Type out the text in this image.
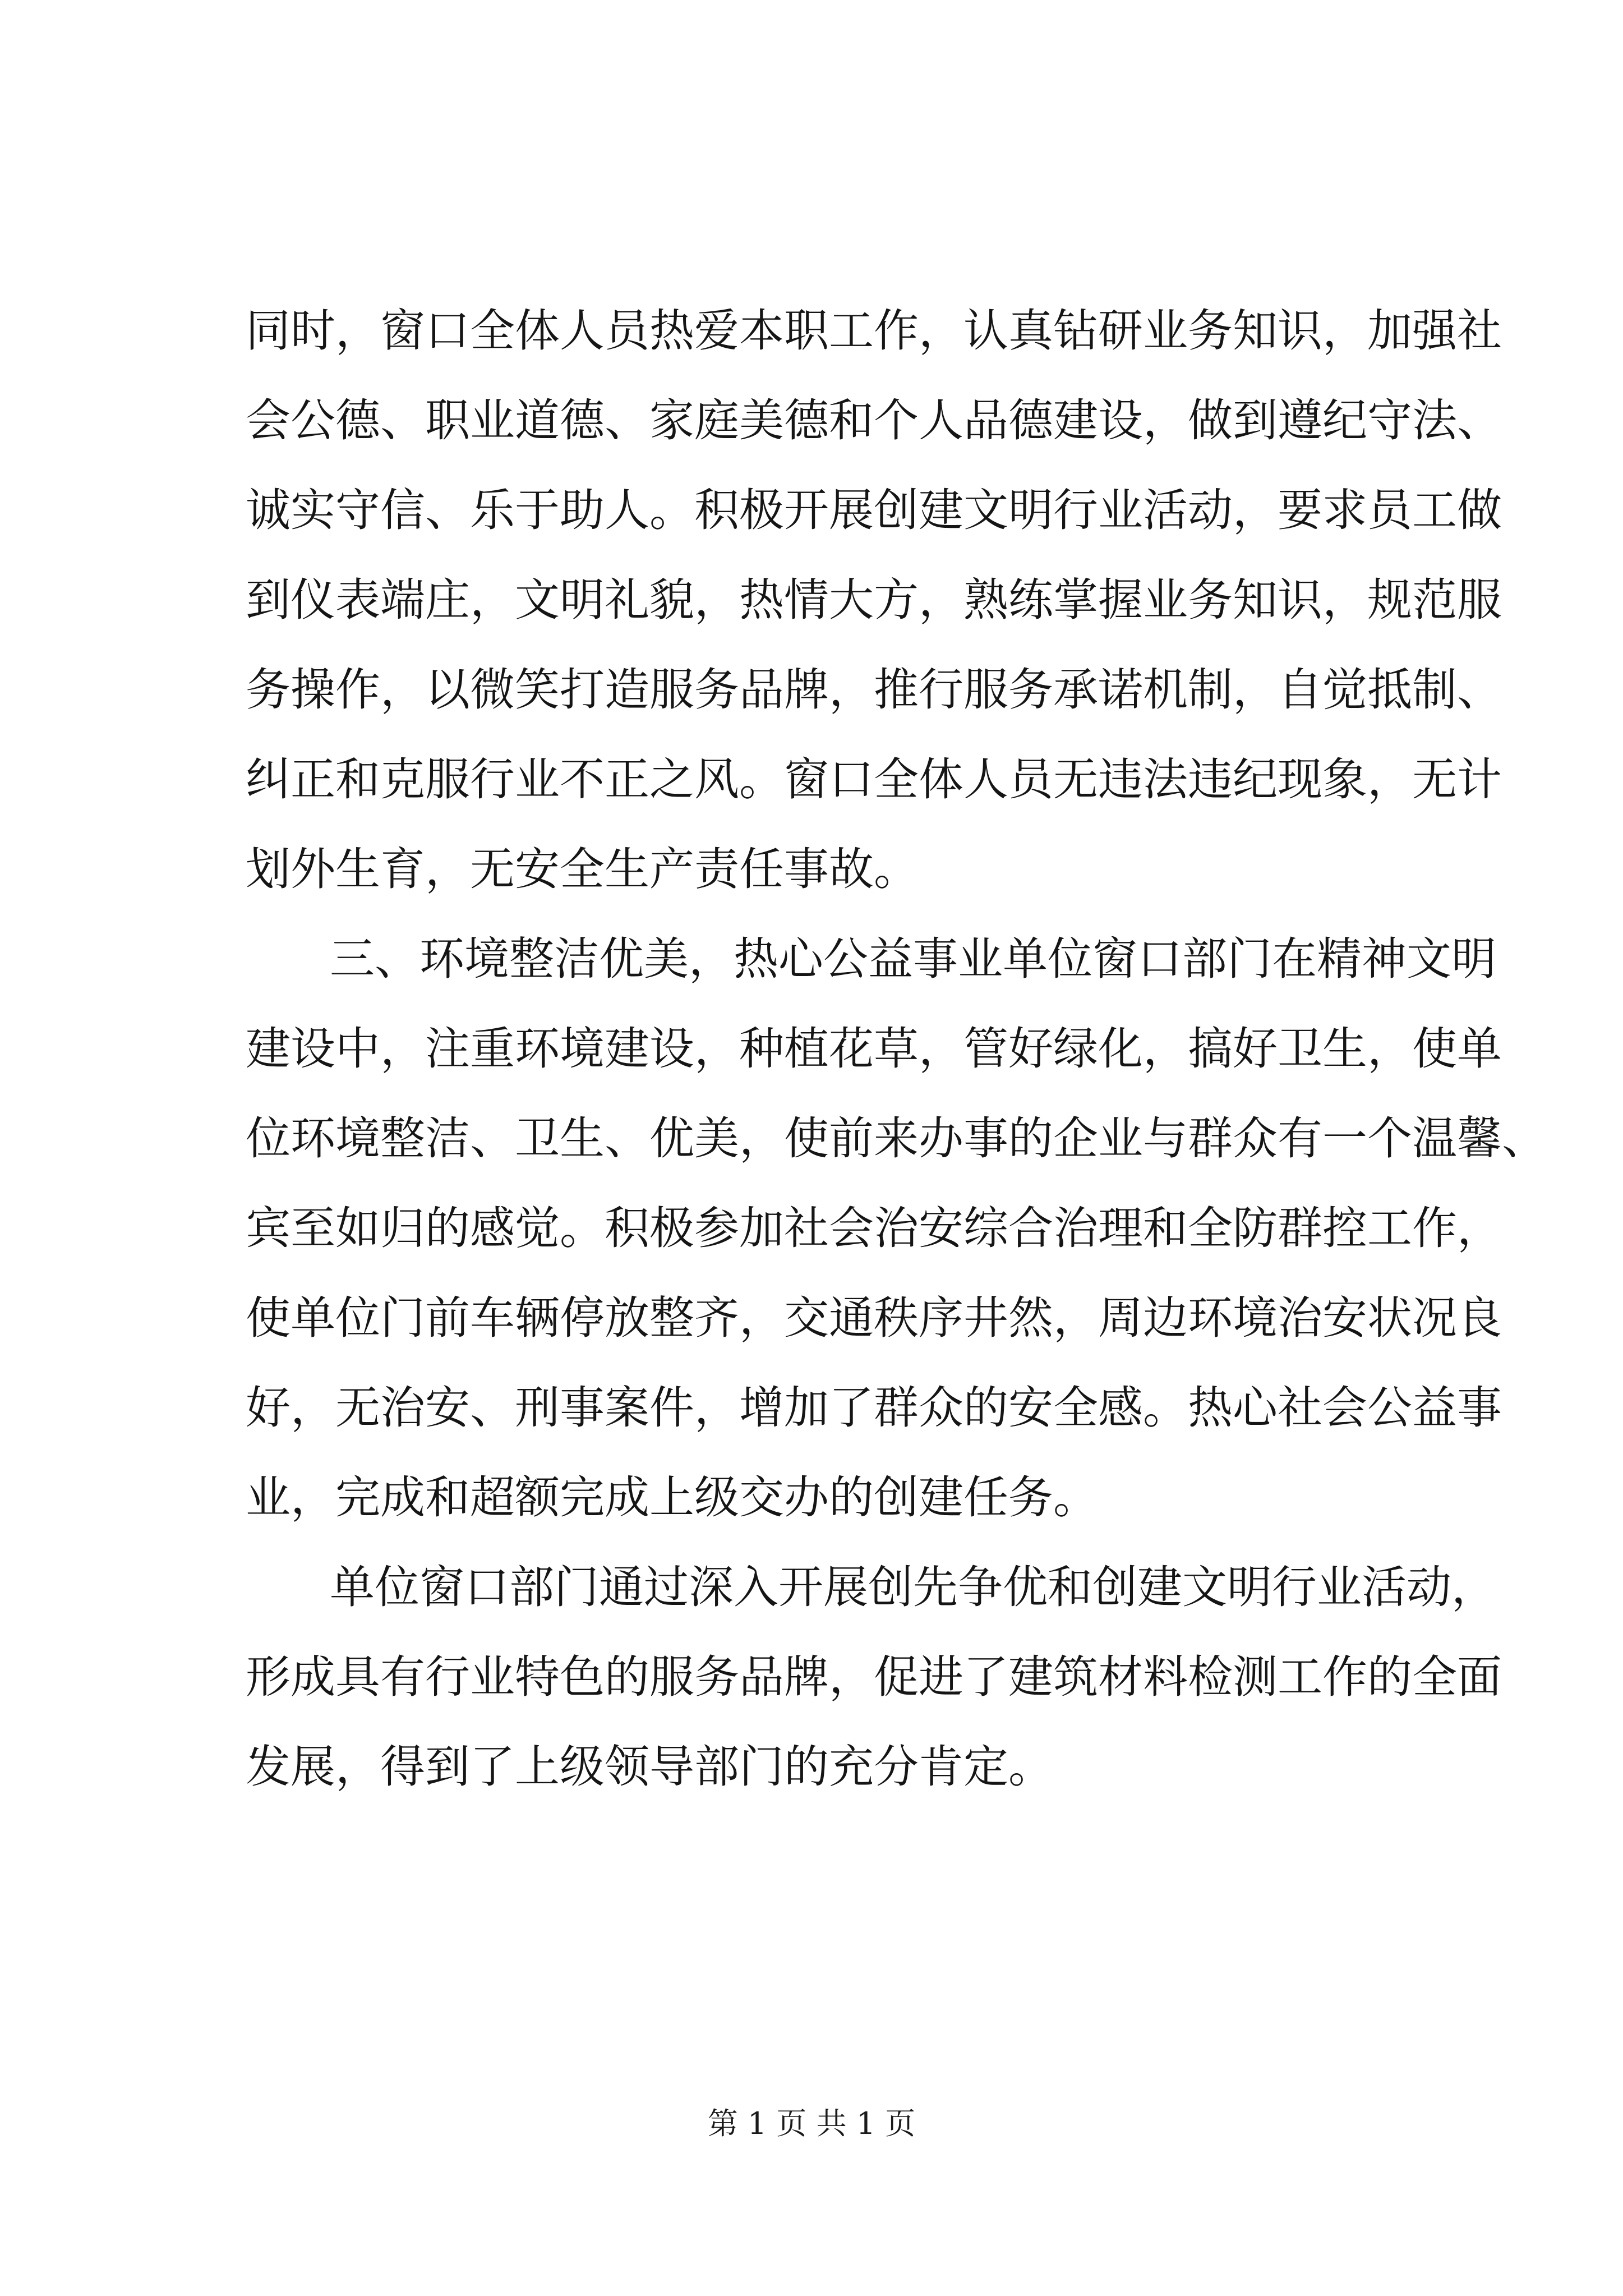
同时，窗口全体人员热爱本职工作，认真钻研业务知识，加强社

会公德、职业道德、家庭美德和个人品德建设，做到遵纪守法、

诚实守信、乐于助人。积极开展创建文明行业活动，要求员工做

到仪表端庄，文明礼貌，热情大方，熟练掌握业务知识，规范服

务操作，以微笑打造服务品牌，推行服务承诺机制，自觉抵制、

纠正和克服行业不正之风。窗口全体人员无违法违纪现象，无计

划外生育，无安全生产责任事故。

三、环境整洁优美，热心公益事业单位窗口部门在精神文明

建设中，注重环境建设，种植花草，管好绿化，搞好卫生，使单

位环境整洁、卫生、优美，使前来办事的企业与群众有一个温馨、

宾至如归的感觉。积极参加社会治安综合治理和全防群控工作，

使单位门前车辆停放整齐，交通秩序井然，周边环境治安状况良

好，无治安、刑事案件，增加了群众的安全感。热心社会公益事

业，完成和超额完成上级交办的创建任务。

单位窗口部门通过深入开展创先争优和创建文明行业活动，

形成具有行业特色的服务品牌，促进了建筑材料检测工作的全面

发展，得到了上级领导部门的充分肯定。

第 1 页 共 1 页
